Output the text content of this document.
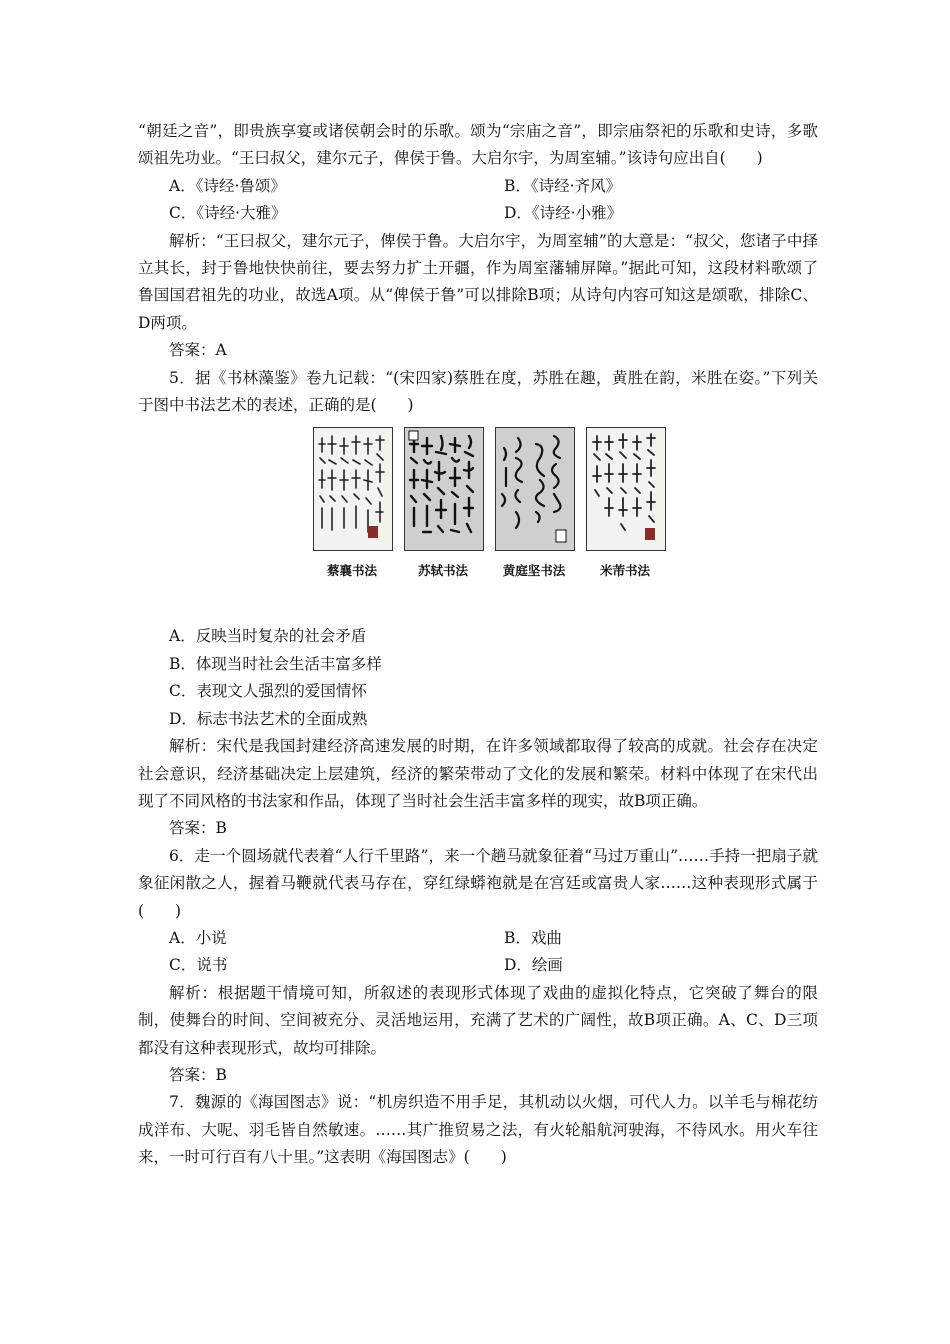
“朝廷之音”，即贵族享宴或诸侯朝会时的乐歌。颂为“宗庙之音”，即宗庙祭祀的乐歌和史诗，多歌颂祖先功业。“王曰叔父，建尔元子，俾侯于鲁。大启尔宇，为周室辅。”该诗句应出自(　　)

A．《诗经·鲁颂》	B．《诗经·齐风》
C．《诗经·大雅》	D．《诗经·小雅》

解析：“王曰叔父，建尔元子，俾侯于鲁。大启尔宇，为周室辅”的大意是：“叔父，您诸子中择立其长，封于鲁地快快前往，要去努力扩土开疆，作为周室藩辅屏障。”据此可知，这段材料歌颂了鲁国国君祖先的功业，故选A项。从“俾侯于鲁”可以排除B项；从诗句内容可知这是颂歌，排除C、D两项。

答案：A

5．据《书林藻鉴》卷九记载：“(宋四家)蔡胜在度，苏胜在趣，黄胜在韵，米胜在姿。”下列关于图中书法艺术的表述，正确的是(　　)

蔡襄书法	苏轼书法	黄庭坚书法	米芾书法

A．反映当时复杂的社会矛盾

B．体现当时社会生活丰富多样

C．表现文人强烈的爱国情怀

D．标志书法艺术的全面成熟

解析：宋代是我国封建经济高速发展的时期，在许多领域都取得了较高的成就。社会存在决定社会意识，经济基础决定上层建筑，经济的繁荣带动了文化的发展和繁荣。材料中体现了在宋代出现了不同风格的书法家和作品，体现了当时社会生活丰富多样的现实，故B项正确。

答案：B

6．走一个圆场就代表着“人行千里路”，来一个趟马就象征着“马过万重山”……手持一把扇子就象征闲散之人，握着马鞭就代表马存在，穿红绿蟒袍就是在宫廷或富贵人家……这种表现形式属于(　　)

A．小说	B．戏曲
C．说书	D．绘画

解析：根据题干情境可知，所叙述的表现形式体现了戏曲的虚拟化特点，它突破了舞台的限制，使舞台的时间、空间被充分、灵活地运用，充满了艺术的广阔性，故B项正确。A、C、D三项都没有这种表现形式，故均可排除。

答案：B

7．魏源的《海国图志》说：“机房织造不用手足，其机动以火烟，可代人力。以羊毛与棉花纺成洋布、大呢、羽毛皆自然敏速。……其广推贸易之法，有火轮船航河驶海，不待风水。用火车往来，一时可行百有八十里。”这表明《海国图志》(　　)
